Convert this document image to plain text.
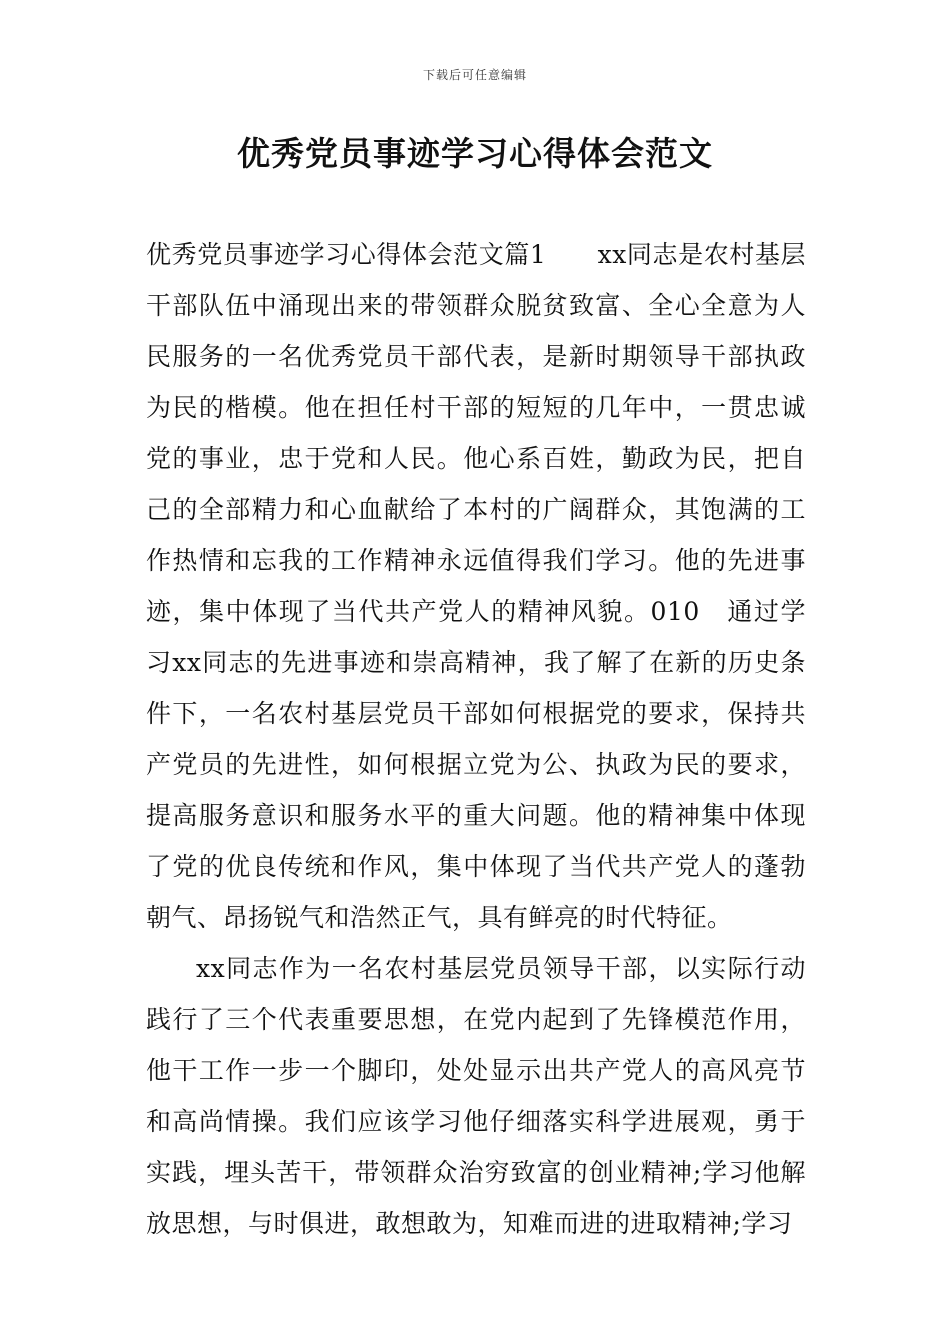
下载后可任意编辑
优秀党员事迹学习心得体会范文

优秀党员事迹学习心得体会范文篇1　　xx同志是农村基层干部队伍中涌现出来的带领群众脱贫致富、全心全意为人民服务的一名优秀党员干部代表，是新时期领导干部执政为民的楷模。他在担任村干部的短短的几年中，一贯忠诚党的事业，忠于党和人民。他心系百姓，勤政为民，把自己的全部精力和心血献给了本村的广阔群众，其饱满的工作热情和忘我的工作精神永远值得我们学习。他的先进事迹，集中体现了当代共产党人的精神风貌。010　通过学习xx同志的先进事迹和崇高精神，我了解了在新的历史条件下，一名农村基层党员干部如何根据党的要求，保持共产党员的先进性，如何根据立党为公、执政为民的要求，提高服务意识和服务水平的重大问题。他的精神集中体现了党的优良传统和作风，集中体现了当代共产党人的蓬勃朝气、昂扬锐气和浩然正气，具有鲜亮的时代特征。

xx同志作为一名农村基层党员领导干部，以实际行动践行了三个代表重要思想，在党内起到了先锋模范作用，他干工作一步一个脚印，处处显示出共产党人的高风亮节和高尚情操。我们应该学习他仔细落实科学进展观，勇于实践，埋头苦干，带领群众治穷致富的创业精神;学习他解放思想，与时俱进，敢想敢为，知难而进的进取精神;学习
